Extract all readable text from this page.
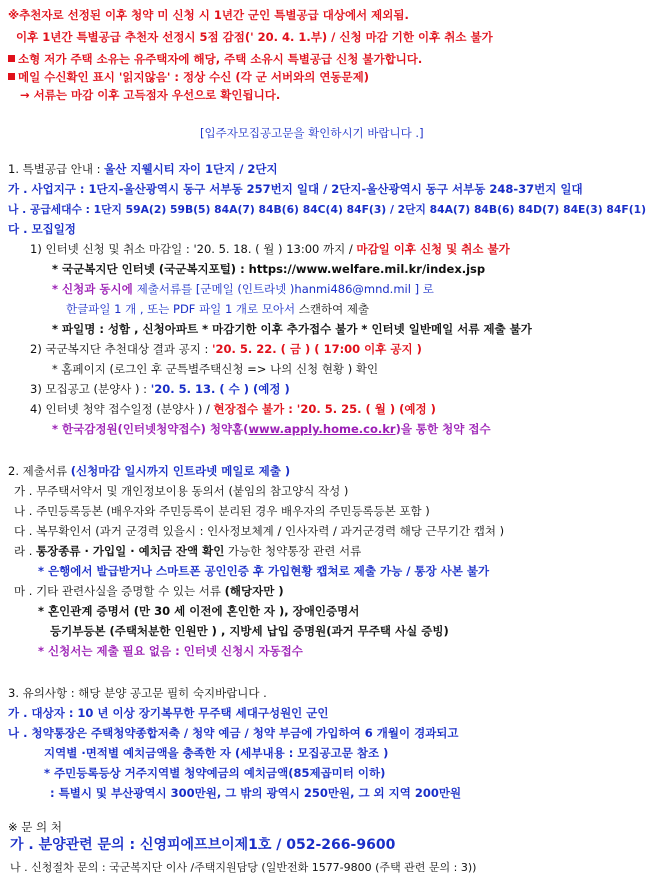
※추천자로 선정된 이후 청약 미 신청 시 1년간 군인 특별공급 대상에서 제외됨.
이후 1년간 특별공급 추천자 선정시 5점 감점(' 20. 4. 1.부) / 신청 마감 기한 이후 취소 불가
소형 저가 주택 소유는 유주택자에 해당, 주택 소유시 특별공급 신청 불가합니다.
메일 수신확인 표시 '읽지않음' : 정상 수신 (각 군 서버와의 연동문제)
→ 서류는 마감 이후 고득점자 우선으로 확인됩니다.
[입주자모집공고문을 확인하시기 바랍니다 .]
1. 특별공급 안내 : 울산 지웰시티 자이 1단지 / 2단지
가 . 사업지구 : 1단지-울산광역시 동구 서부동 257번지 일대 / 2단지-울산광역시 동구 서부동 248-37번지 일대
나 . 공급세대수 : 1단지 59A(2) 59B(5) 84A(7) 84B(6) 84C(4) 84F(3) / 2단지 84A(7) 84B(6) 84D(7) 84E(3) 84F(1)
다 . 모집일정
1) 인터넷 신청 및 취소 마감일 : '20. 5. 18. ( 월 ) 13:00 까지 / 마감일 이후 신청 및 취소 불가
* 국군복지단 인터넷 (국군복지포털) : https://www.welfare.mil.kr/index.jsp
* 신청과 동시에 제출서류를 [군메일 (인트라넷 )hanmi486@mnd.mil ] 로
한글파일 1 개 , 또는 PDF 파일 1 개로 모아서 스캔하여 제출
* 파일명 : 성함 , 신청아파트 * 마감기한 이후 추가접수 불가 * 인터넷 일반메일 서류 제출 불가
2) 국군복지단 추천대상 결과 공지 : '20. 5. 22. ( 금 ) ( 17:00 이후 공지 )
* 홈페이지 (로그인 후 군특별주택신청 => 나의 신청 현황 ) 확인
3) 모집공고 (분양사 ) : '20. 5. 13. ( 수 ) (예정 )
4) 인터넷 청약 접수일정 (분양사 ) / 현장접수 불가 : '20. 5. 25. ( 월 ) (예정 )
* 한국감정원(인터넷청약접수) 청약홈(www.apply.home.co.kr)을 통한 청약 접수
2. 제출서류 (신청마감 일시까지 인트라넷 메일로 제출 )
가 . 무주택서약서 및 개인정보이용 동의서 (붙임의 참고양식 작성 )
나 . 주민등록등본 (배우자와 주민등록이 분리된 경우 배우자의 주민등록등본 포함 )
다 . 복무확인서 (과거 군경력 있을시 : 인사정보체계 / 인사자력 / 과거군경력 해당 근무기간 캡쳐 )
라 . 통장종류 · 가입일 · 예치금 잔액 확인 가능한 청약통장 관련 서류
* 은행에서 발급받거나 스마트폰 공인인증 후 가입현황 캡쳐로 제출 가능 / 통장 사본 불가
마 . 기타 관련사실을 증명할 수 있는 서류 (해당자만 )
* 혼인관계 증명서 (만 30 세 이전에 혼인한 자 ), 장애인증명서
등기부등본 (주택처분한 인원만 ) , 지방세 납입 증명원(과거 무주택 사실 증빙)
* 신청서는 제출 필요 없음 : 인터넷 신청시 자동접수
3. 유의사항 : 해당 분양 공고문 필히 숙지바랍니다 .
가 . 대상자 : 10 년 이상 장기복무한 무주택 세대구성원인 군인
나 . 청약통장은 주택청약종합저축 / 청약 예금 / 청약 부금에 가입하여 6 개월이 경과되고
지역별 ·면적별 예치금액을 충족한 자 (세부내용 : 모집공고문 참조 )
* 주민등록등상 거주지역별 청약예금의 예치금액(85제곱미터 이하)
: 특별시 및 부산광역시 300만원, 그 밖의 광역시 250만원, 그 외 지역 200만원
※ 문 의 처
가 . 분양관련 문의 : 신영피에프브이제1호 / 052-266-9600
나 . 신청절차 문의 : 국군복지단 이사 /주택지원담당 (일반전화 1577-9800 (주택 관련 문의 : 3))
